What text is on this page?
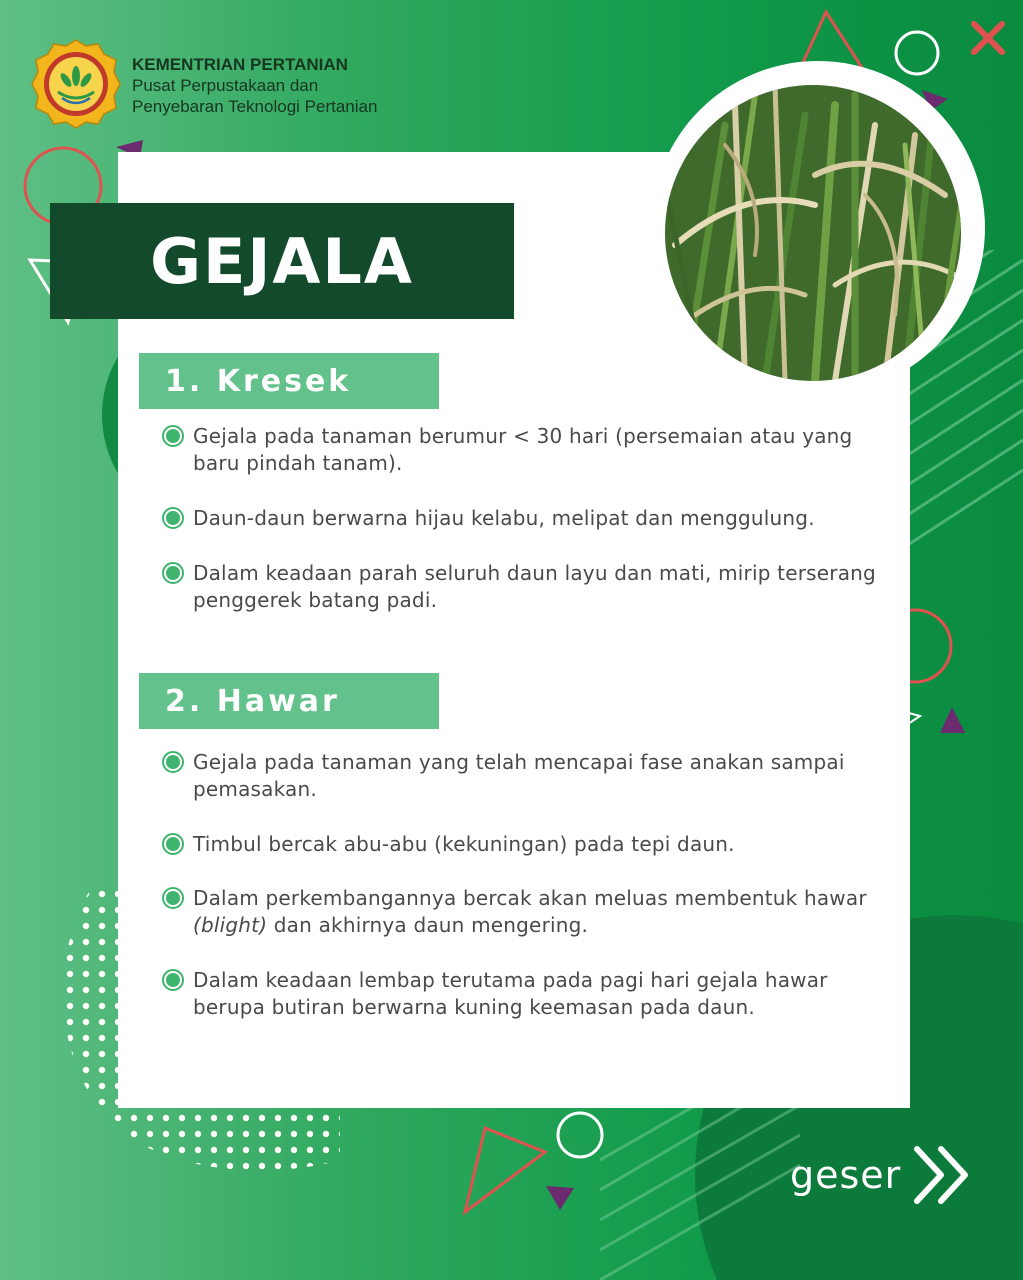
KEMENTRIAN PERTANIAN
Pusat Perpustakaan dan
Penyebaran Teknologi Pertanian
GEJALA
1. Kresek
Gejala pada tanaman berumur < 30 hari (persemaian atau yang baru pindah tanam).
Daun-daun berwarna hijau kelabu, melipat dan menggulung.
Dalam keadaan parah seluruh daun layu dan mati, mirip terserang penggerek batang padi.
2. Hawar
Gejala pada tanaman yang telah mencapai fase anakan sampai pemasakan.
Timbul bercak abu-abu (kekuningan) pada tepi daun.
Dalam perkembangannya bercak akan meluas membentuk hawar (blight) dan akhirnya daun mengering.
Dalam keadaan lembap terutama pada pagi hari gejala hawar berupa butiran berwarna kuning keemasan pada daun.
geser
